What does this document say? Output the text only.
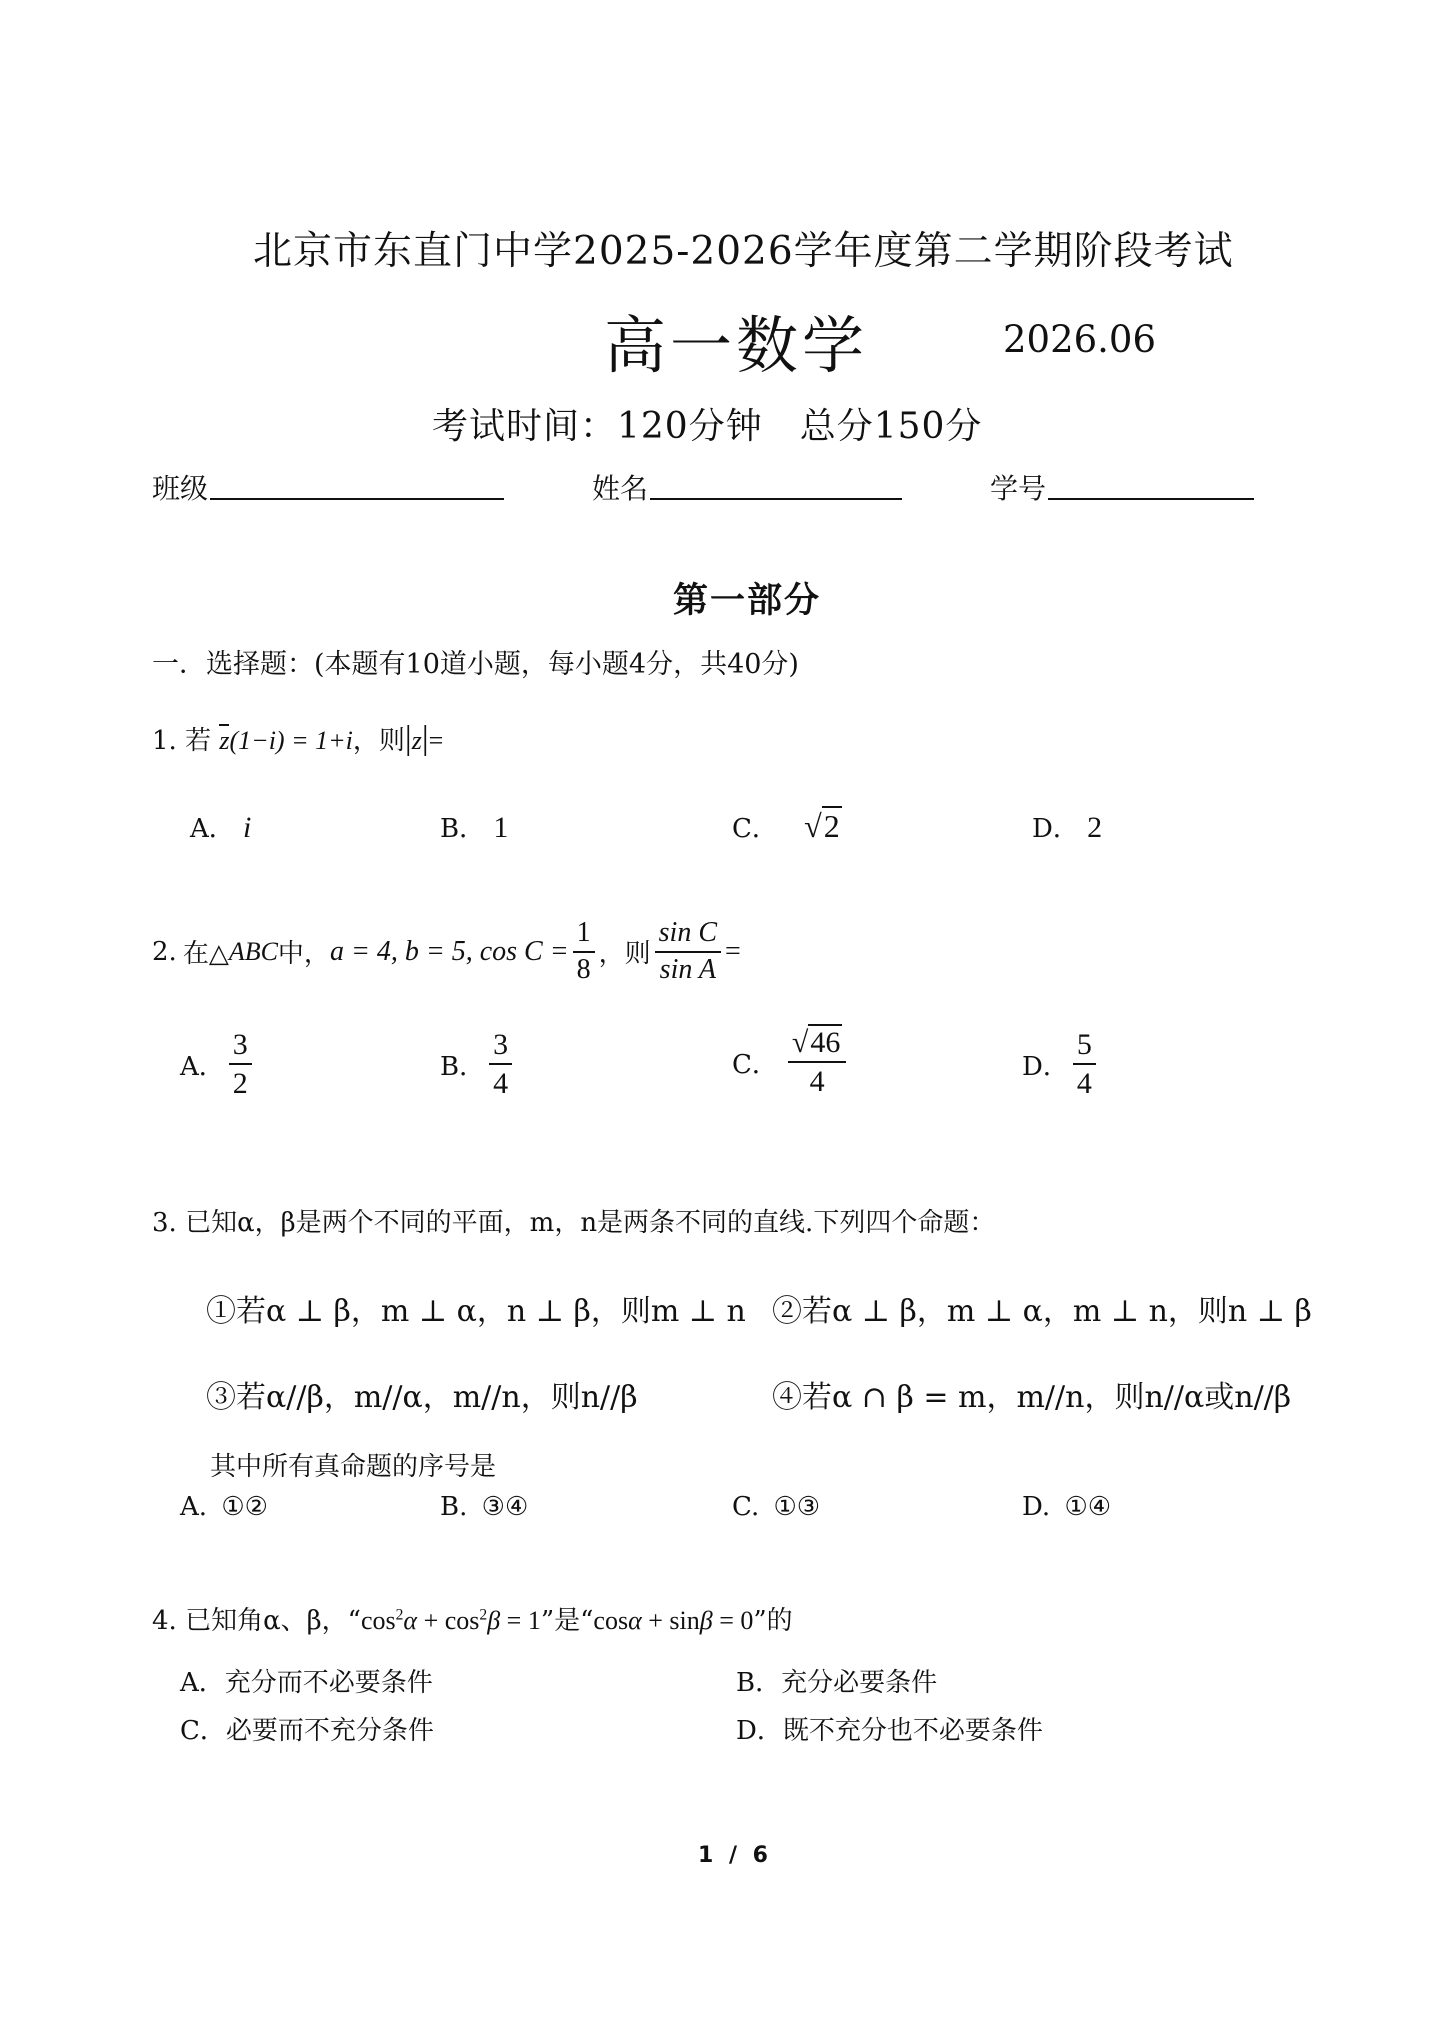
北京市东直门中学2025-2026学年度第二学期阶段考试
高一数学	2026.06
考试时间：120分钟　总分150分
班级	姓名	学号
第一部分
一．选择题：(本题有10道小题，每小题4分，共40分)
1. 若 z(1−i) = 1+i，则|z|=
A． i	B． 1	C． √2	D． 2
2. 在△ ABC 中， a = 4, b = 5, $\cos C = \frac{1}{8}$ ，则 $\frac{\text{sin C}}{\text{sin A}}$ =
A． $\frac{3}{2}$	B． $\frac{3}{4}$	C． $\frac{√46}{4}$	D． $\frac{5}{4}$
3. 已知α，β是两个不同的平面，m，n是两条不同的直线.下列四个命题：
①若α ⊥ β，m ⊥ α，n ⊥ β，则m ⊥ n ②若α ⊥ β，m ⊥ α，m ⊥ n，则n ⊥ β
③若α//β，m//α，m//n，则n//β	④若α ∩ β = m，m//n，则n//α或n//β
其中所有真命题的序号是
A. ①②	B. ③④	C. ①③	D. ①④
4. 已知角α、β，“$\cos^2\alpha + \cos^2\beta = 1$”是“cosα + sinβ = 0”的
A．充分而不必要条件	B．充分必要条件
C．必要而不充分条件	D．既不充分也不必要条件
1 / 6
